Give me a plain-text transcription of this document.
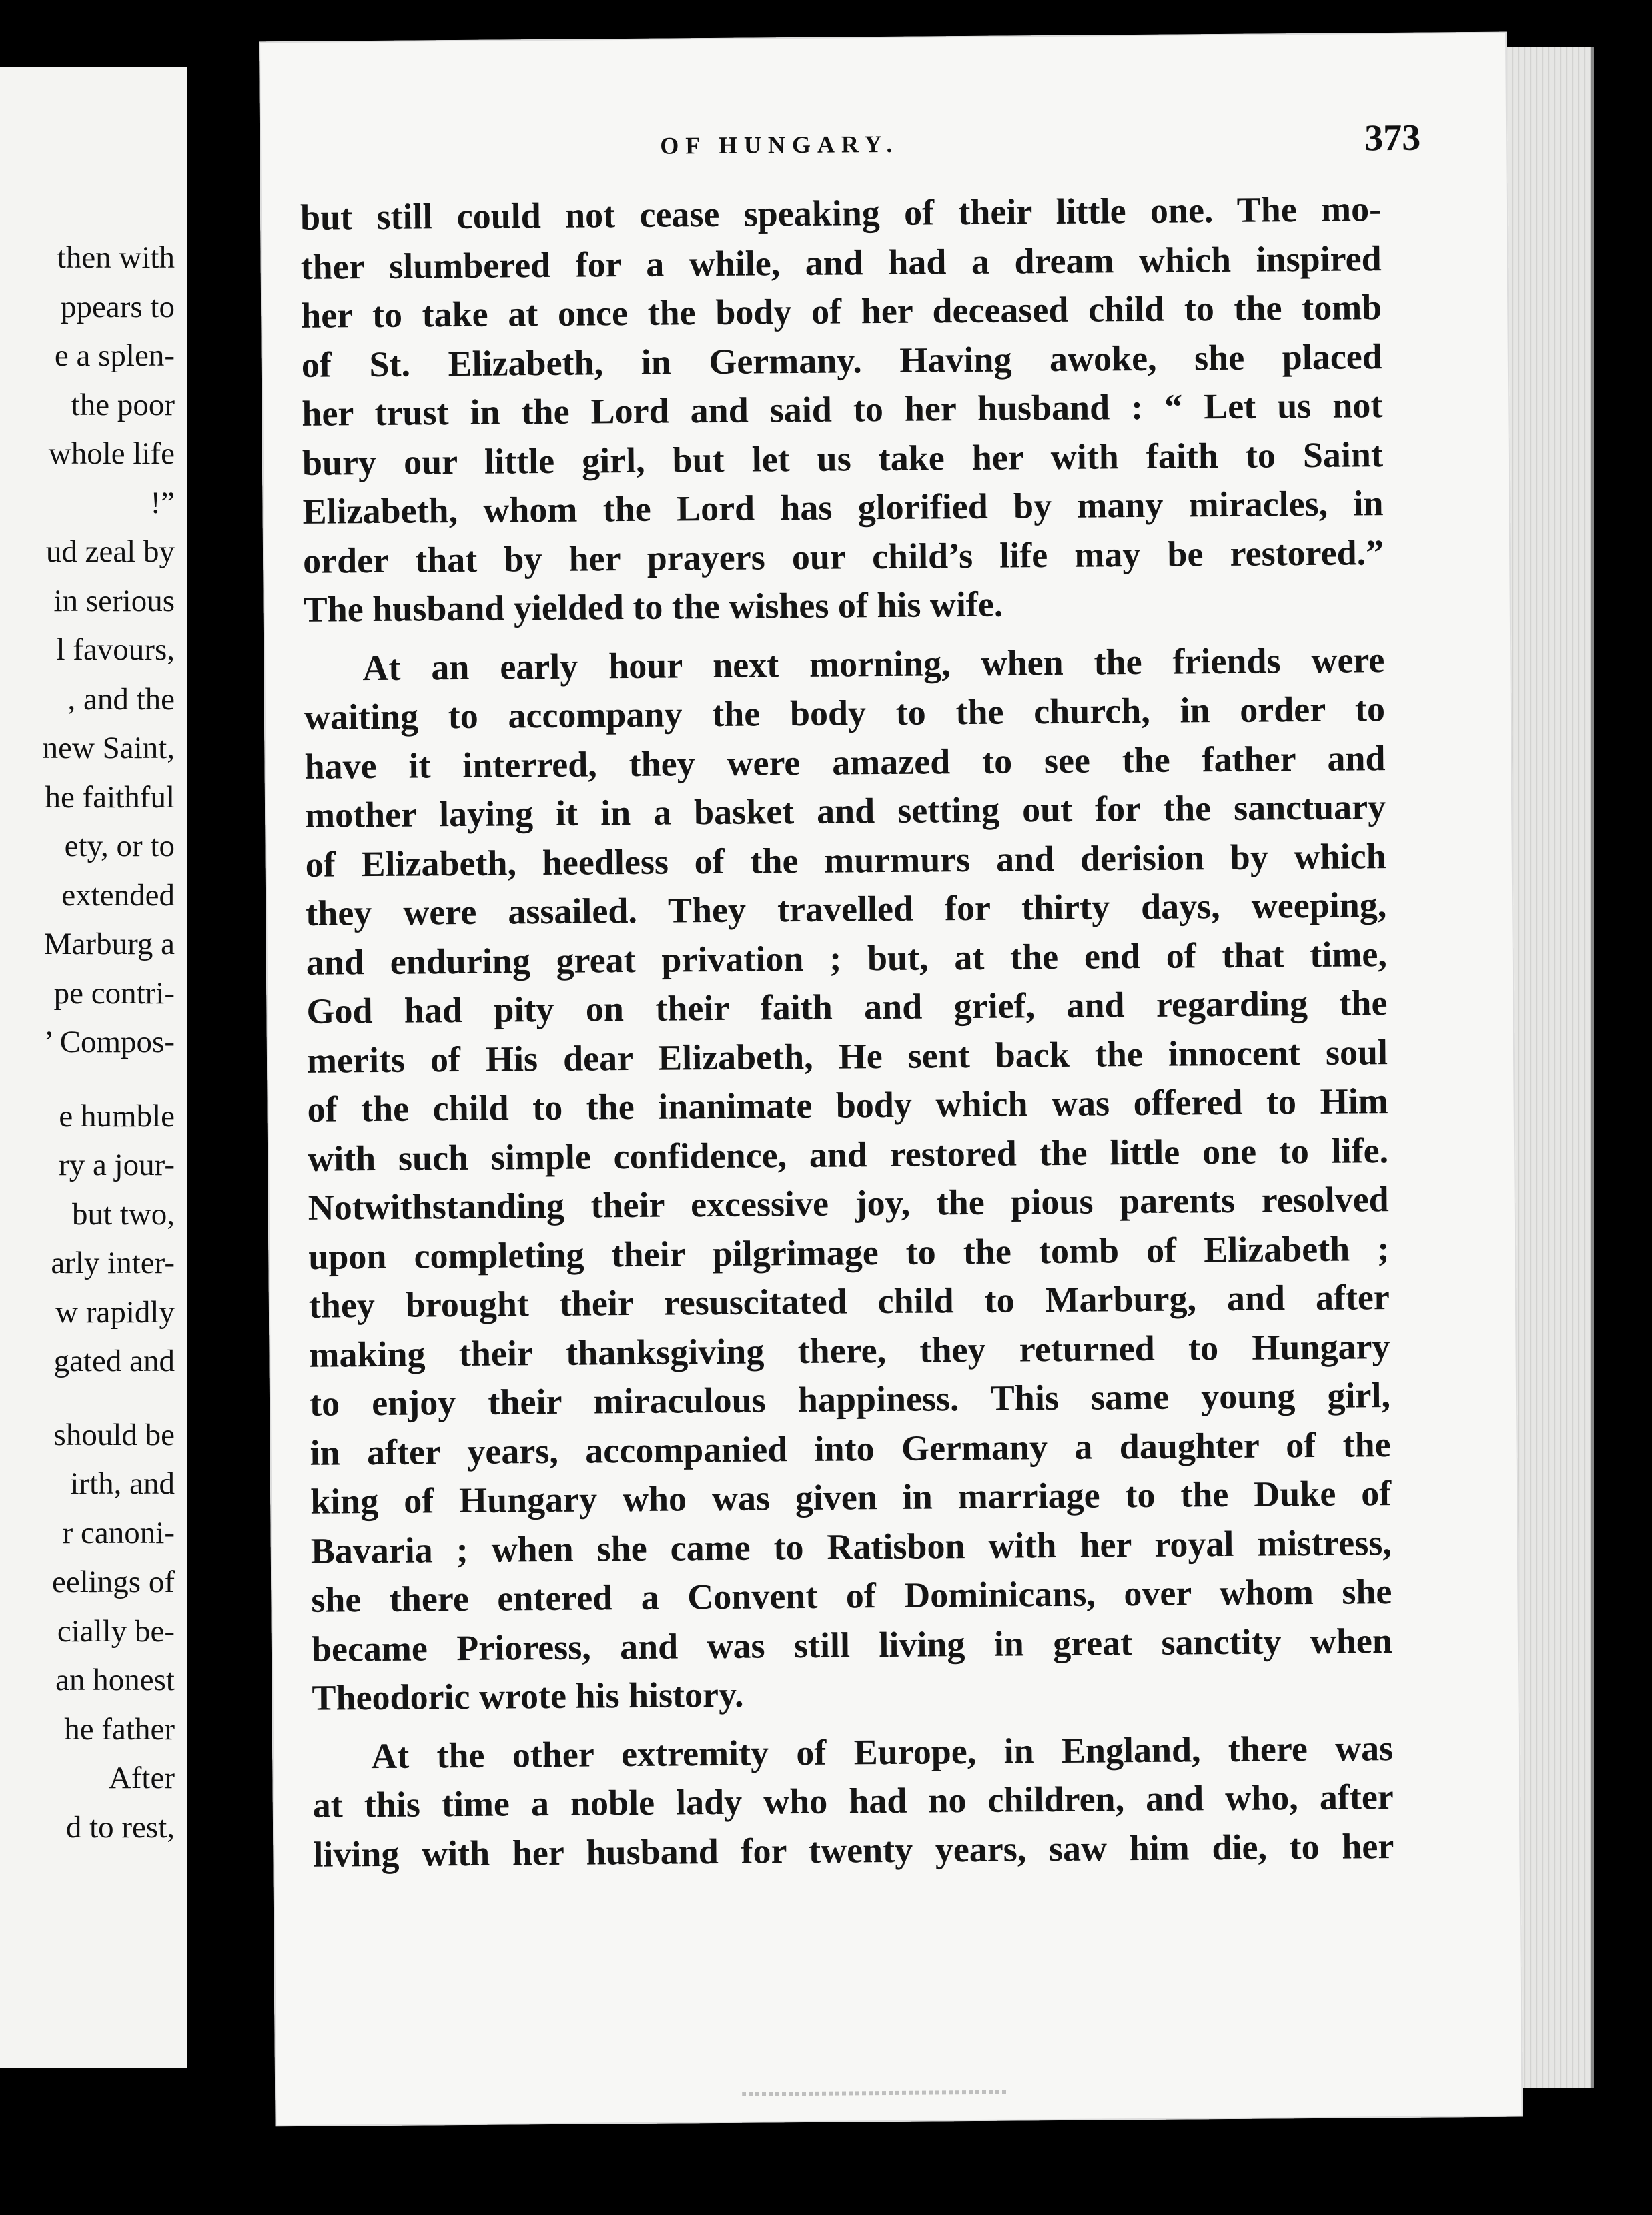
then with
ppears to
e a splen-
the poor
whole life
!”
ud zeal by
in serious
l favours,
, and the
new Saint,
he faithful
ety, or to
extended
Marburg a
pe contri-
’ Compos-
e humble
ry a jour-
but two,
arly inter-
w rapidly
gated and
should be
irth, and
r canoni-
eelings of
cially be-
an honest
he father
After
d to rest,
OF HUNGARY.	373
but still could not cease speaking of their little one. The mo-
ther slumbered for a while, and had a dream which inspired
her to take at once the body of her deceased child to the tomb
of St. Elizabeth, in Germany. Having awoke, she placed
her trust in the Lord and said to her husband : “ Let us not
bury our little girl, but let us take her with faith to Saint
Elizabeth, whom the Lord has glorified by many miracles, in
order that by her prayers our child’s life may be restored.”
The husband yielded to the wishes of his wife.
At an early hour next morning, when the friends were
waiting to accompany the body to the church, in order to
have it interred, they were amazed to see the father and
mother laying it in a basket and setting out for the sanctuary
of Elizabeth, heedless of the murmurs and derision by which
they were assailed. They travelled for thirty days, weeping,
and enduring great privation ; but, at the end of that time,
God had pity on their faith and grief, and regarding the
merits of His dear Elizabeth, He sent back the innocent soul
of the child to the inanimate body which was offered to Him
with such simple confidence, and restored the little one to life.
Notwithstanding their excessive joy, the pious parents resolved
upon completing their pilgrimage to the tomb of Elizabeth ;
they brought their resuscitated child to Marburg, and after
making their thanksgiving there, they returned to Hungary
to enjoy their miraculous happiness. This same young girl,
in after years, accompanied into Germany a daughter of the
king of Hungary who was given in marriage to the Duke of
Bavaria ; when she came to Ratisbon with her royal mistress,
she there entered a Convent of Dominicans, over whom she
became Prioress, and was still living in great sanctity when
Theodoric wrote his history.
At the other extremity of Europe, in England, there was
at this time a noble lady who had no children, and who, after
living with her husband for twenty years, saw him die, to her
